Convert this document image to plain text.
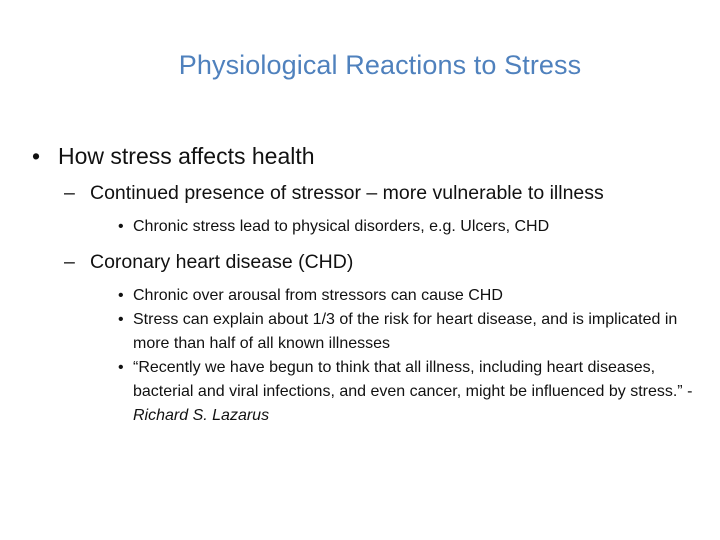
Physiological Reactions to Stress
• How stress affects health
– Continued presence of stressor – more vulnerable to illness
• Chronic stress lead to physical disorders, e.g. Ulcers, CHD
– Coronary heart disease (CHD)
• Chronic over arousal from stressors can cause CHD
• Stress can explain about 1/3 of the risk for heart disease, and is implicated in more than half of all known illnesses
• “Recently we have begun to think that all illness, including heart diseases, bacterial and viral infections, and even cancer, might be influenced by stress.” -Richard S. Lazarus
